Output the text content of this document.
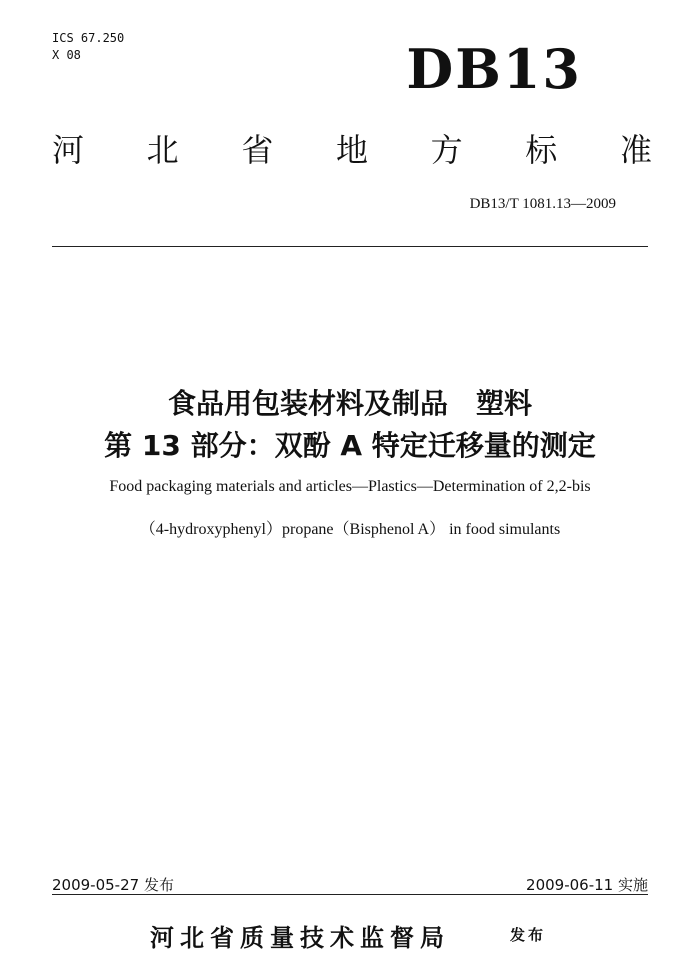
ICS 67.250
X 08	DB13
河 北 省 地 方 标 准
DB13/T 1081.13—2009
食品用包装材料及制品　塑料
第 13 部分：双酚 A 特定迁移量的测定
Food packaging materials and articles—Plastics—Determination of 2,2-bis
（4-hydroxyphenyl）propane（Bisphenol A） in food simulants
2009-05-27 发布	2009-06-11 实施
河北省质量技术监督局	发布
